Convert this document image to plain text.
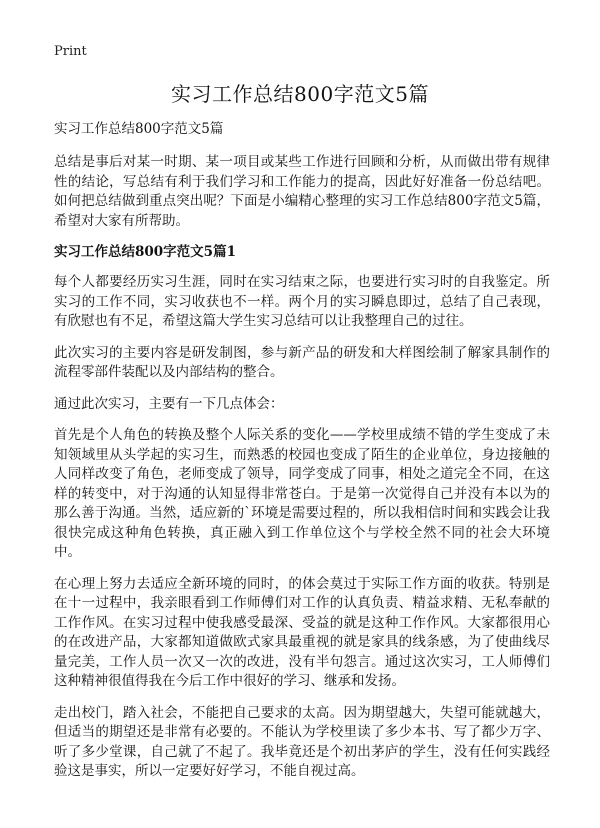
Print
实习工作总结800字范文5篇

实习工作总结800字范文5篇

总结是事后对某一时期、某一项目或某些工作进行回顾和分析，从而做出带有规律性的结论，写总结有利于我们学习和工作能力的提高，因此好好准备一份总结吧。如何把总结做到重点突出呢？下面是小编精心整理的实习工作总结800字范文5篇，希望对大家有所帮助。

实习工作总结800字范文5篇1

每个人都要经历实习生涯，同时在实习结束之际，也要进行实习时的自我鉴定。所实习的工作不同，实习收获也不一样。两个月的实习瞬息即过，总结了自己表现，有欣慰也有不足，希望这篇大学生实习总结可以让我整理自己的过往。

此次实习的主要内容是研发制图，参与新产品的研发和大样图绘制了解家具制作的流程零部件装配以及内部结构的整合。

通过此次实习，主要有一下几点体会：

首先是个人角色的转换及整个人际关系的变化——学校里成绩不错的学生变成了未知领域里从头学起的实习生，而熟悉的校园也变成了陌生的企业单位，身边接触的人同样改变了角色，老师变成了领导，同学变成了同事，相处之道完全不同，在这样的转变中，对于沟通的认知显得非常苍白。于是第一次觉得自己并没有本以为的那么善于沟通。当然，适应新的`环境是需要过程的，所以我相信时间和实践会让我很快完成这种角色转换，真正融入到工作单位这个与学校全然不同的社会大环境中。

在心理上努力去适应全新环境的同时，的体会莫过于实际工作方面的收获。特别是在十一过程中，我亲眼看到工作师傅们对工作的认真负责、精益求精、无私奉献的工作作风。在实习过程中使我感受最深、受益的就是这种工作作风。大家都很用心的在改进产品，大家都知道做欧式家具最重视的就是家具的线条感，为了使曲线尽量完美，工作人员一次又一次的改进，没有半句怨言。通过这次实习，工人师傅们这种精神很值得我在今后工作中很好的学习、继承和发扬。

走出校门，踏入社会，不能把自己要求的太高。因为期望越大，失望可能就越大，但适当的期望还是非常有必要的。不能认为学校里读了多少本书、写了都少万字、听了多少堂课，自己就了不起了。我毕竟还是个初出茅庐的学生，没有任何实践经验这是事实，所以一定要好好学习，不能自视过高。
